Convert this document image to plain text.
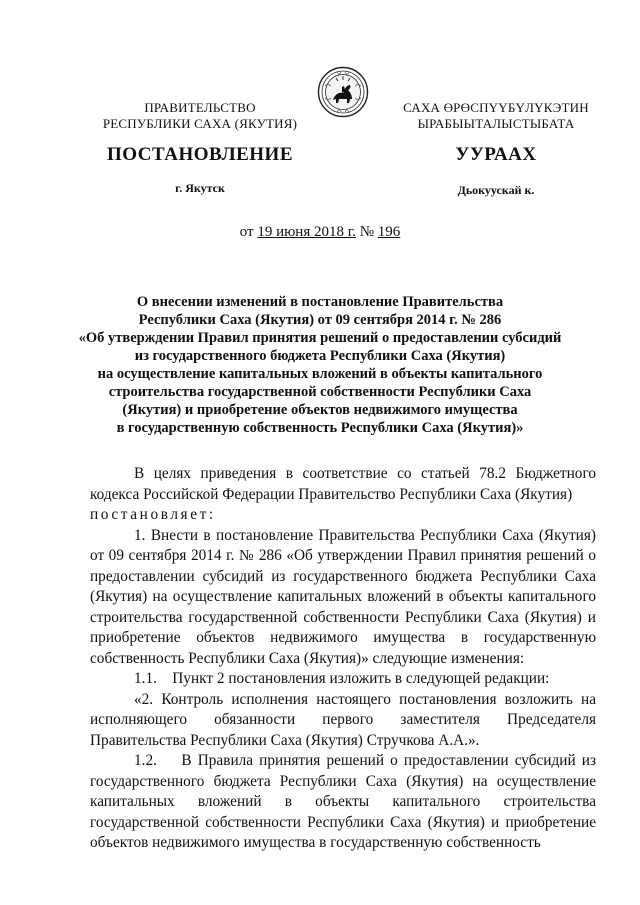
ПРАВИТЕЛЬСТВО
РЕСПУБЛИКИ САХА (ЯКУТИЯ)
САХА ӨРӨСПҮҮБҮЛҮКЭТИН
ЫРАБЫЫТАЛЫСТЫБАТА
ПОСТАНОВЛЕНИЕ	УУРААХ
г. Якутск	Дьокуускай к.
от 19 июня 2018 г. № 196
О внесении изменений в постановление Правительства
Республики Саха (Якутия) от 09 сентября 2014 г. № 286
«Об утверждении Правил принятия решений о предоставлении субсидий
из государственного бюджета Республики Саха (Якутия)
на осуществление капитальных вложений в объекты капитального
строительства государственной собственности Республики Саха
(Якутия) и приобретение объектов недвижимого имущества
в государственную собственность Республики Саха (Якутия)»

В целях приведения в соответствие со статьей 78.2 Бюджетного кодекса Российской Федерации Правительство Республики Саха (Якутия)

постановляет:

1. Внести в постановление Правительства Республики Саха (Якутия) от 09 сентября 2014 г. № 286 «Об утверждении Правил принятия решений о предоставлении субсидий из государственного бюджета Республики Саха (Якутия) на осуществление капитальных вложений в объекты капитального строительства государственной собственности Республики Саха (Якутия) и приобретение объектов недвижимого имущества в государственную собственность Республики Саха (Якутия)» следующие изменения:

1.1.    Пункт 2 постановления изложить в следующей редакции:

«2. Контроль исполнения настоящего постановления возложить на исполняющего обязанности первого заместителя Председателя Правительства Республики Саха (Якутия) Стручкова А.А.».

1.2.    В Правила принятия решений о предоставлении субсидий из государственного бюджета Республики Саха (Якутия) на осуществление капитальных вложений в объекты капитального строительства государственной собственности Республики Саха (Якутия) и приобретение объектов недвижимого имущества в государственную собственность
